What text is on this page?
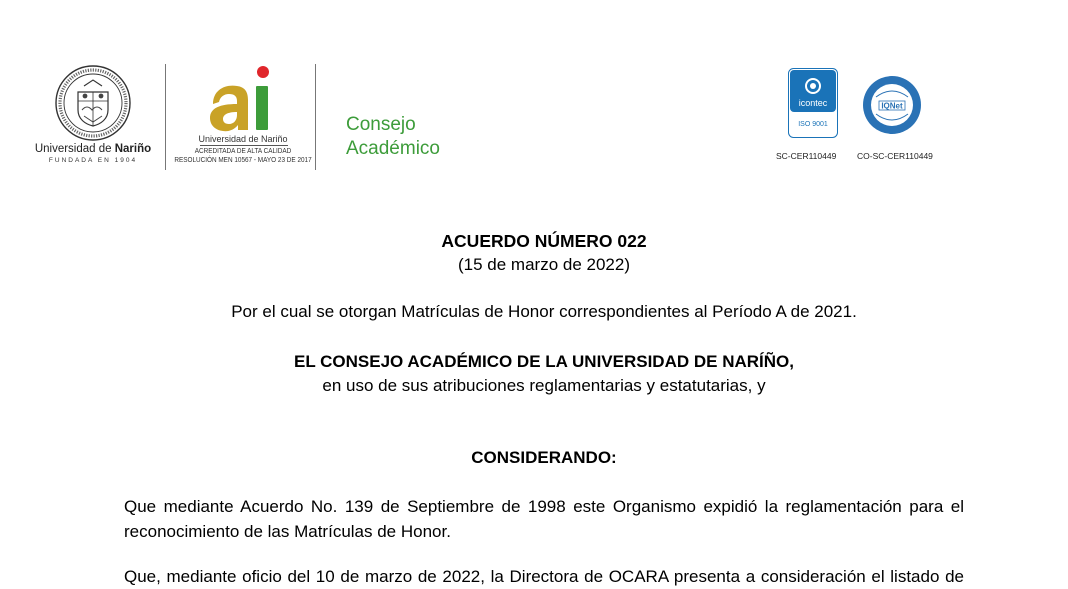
Universidad de Nariño
FUNDADA EN 1904
Universidad de Nariño
ACREDITADA DE ALTA CALIDAD
RESOLUCIÓN MEN 10567 - MAYO 23 DE 2017
Consejo
Académico
icontec
ISO 9001
IQNet
SC-CER110449 CO-SC-CER110449
ACUERDO NÚMERO 022
(15 de marzo de 2022)
Por el cual se otorgan Matrículas de Honor correspondientes al Período A de 2021.
EL CONSEJO ACADÉMICO DE LA UNIVERSIDAD DE NARÍÑO,
en uso de sus atribuciones reglamentarias y estatutarias, y
CONSIDERANDO:
Que mediante Acuerdo No. 139 de Septiembre de 1998 este Organismo expidió la reglamentación para el
reconocimiento de las Matrículas de Honor.
Que, mediante oficio del 10 de marzo de 2022, la Directora de OCARA presenta a consideración el listado de
